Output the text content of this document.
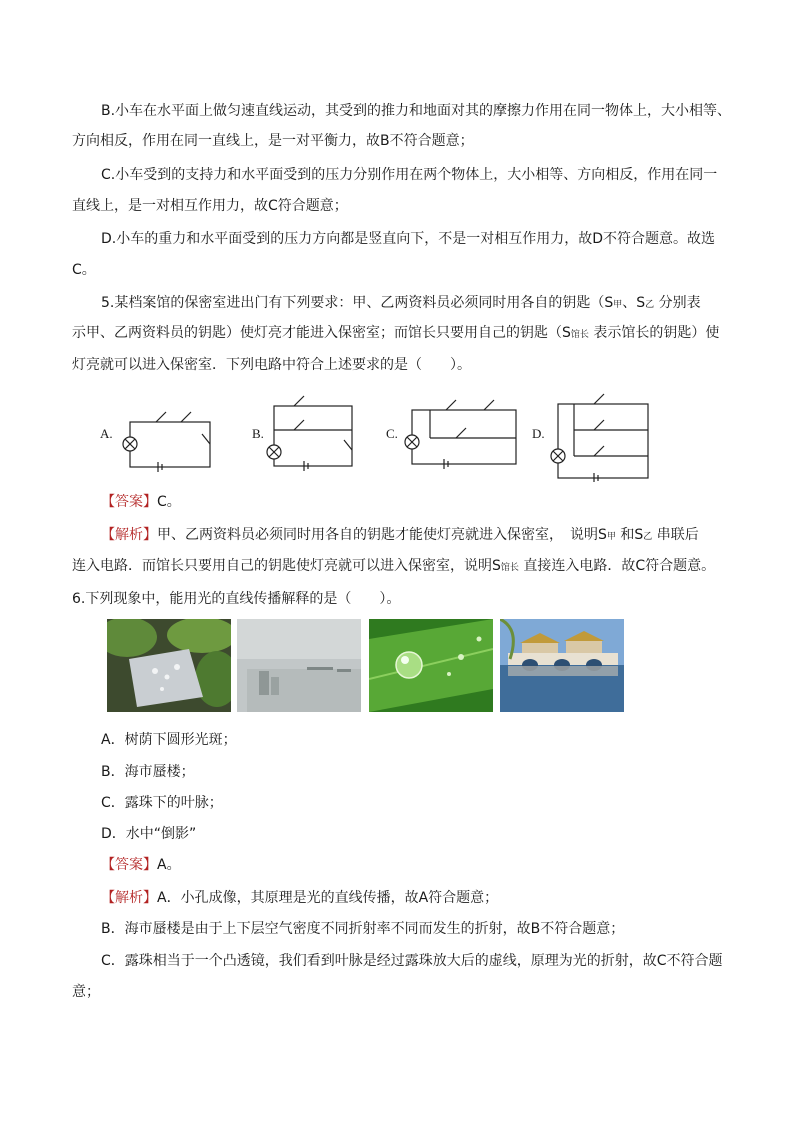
B.小车在水平面上做匀速直线运动，其受到的推力和地面对其的摩擦力作用在同一物体上，大小相等、
方向相反，作用在同一直线上，是一对平衡力，故B不符合题意；
C.小车受到的支持力和水平面受到的压力分别作用在两个物体上，大小相等、方向相反，作用在同一
直线上，是一对相互作用力，故C符合题意；
D.小车的重力和水平面受到的压力方向都是竖直向下，不是一对相互作用力，故D不符合题意。故选
C。
5.某档案馆的保密室进出门有下列要求：甲、乙两资料员必须同时用各自的钥匙（S甲、S乙 分别表
示甲、乙两资料员的钥匙）使灯亮才能进入保密室；而馆长只要用自己的钥匙（S馆长 表示馆长的钥匙）使
灯亮就可以进入保密室．下列电路中符合上述要求的是（　　）。
A.	B.	C.	D.
【答案】C。
【解析】甲、乙两资料员必须同时用各自的钥匙才能使灯亮就进入保密室，　说明S甲 和S乙 串联后
连入电路．而馆长只要用自己的钥匙使灯亮就可以进入保密室，说明S馆长 直接连入电路．故C符合题意。
6.下列现象中，能用光的直线传播解释的是（　　）。
A．树荫下圆形光斑；
B．海市蜃楼；
C．露珠下的叶脉；
D．水中“倒影”
【答案】A。
【解析】A．小孔成像，其原理是光的直线传播，故A符合题意；
B．海市蜃楼是由于上下层空气密度不同折射率不同而发生的折射，故B不符合题意；
C．露珠相当于一个凸透镜，我们看到叶脉是经过露珠放大后的虚线，原理为光的折射，故C不符合题
意；
